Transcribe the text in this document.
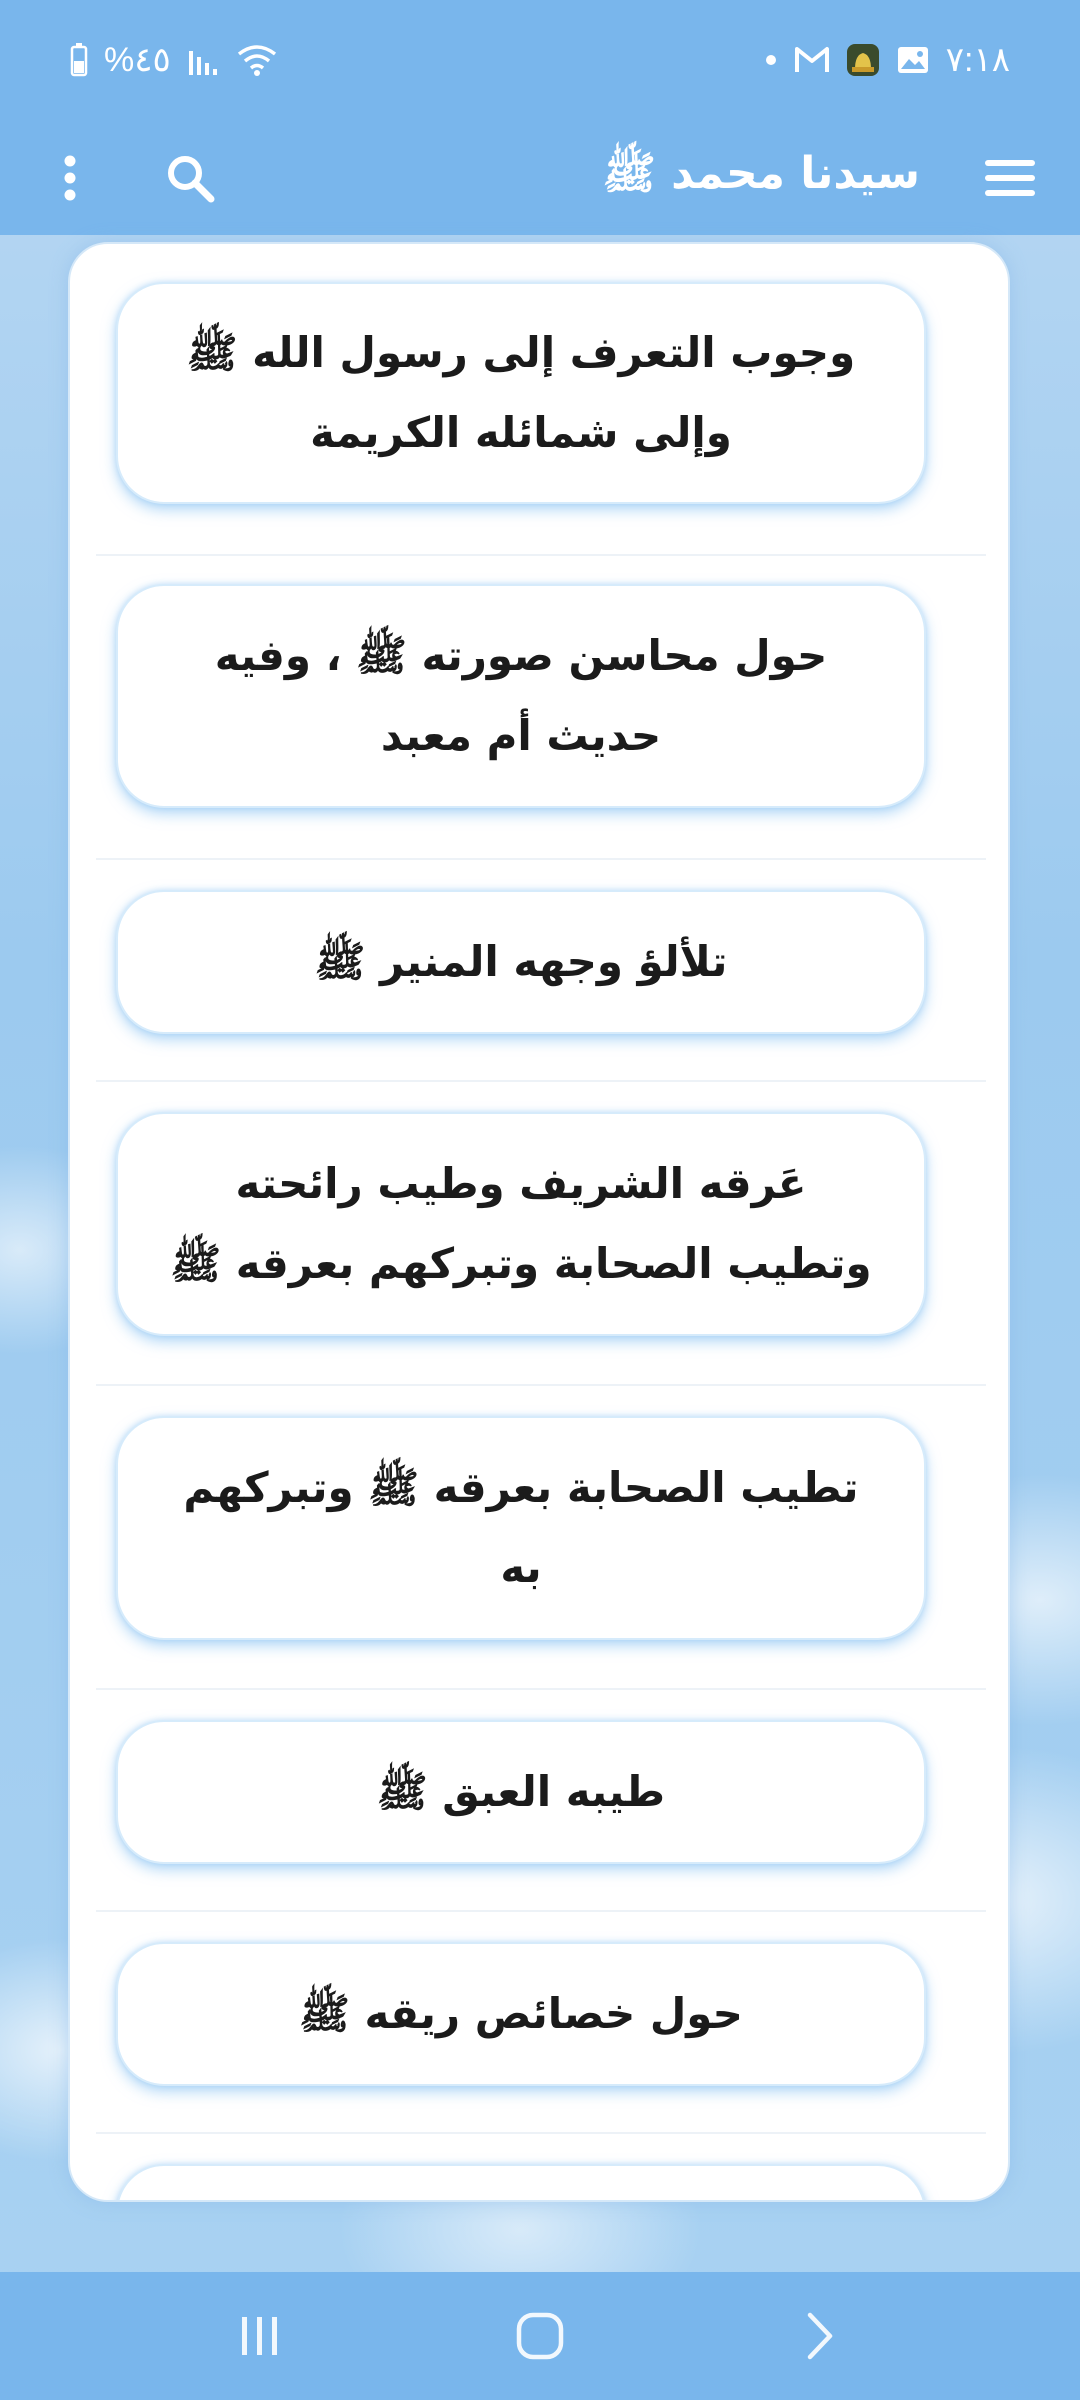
%٤٥	٧:١٨
سيدنا محمد ﷺ
وجوب التعرف إلى رسول الله ﷺ وإلى شمائله الكريمة
حول محاسن صورته ﷺ ، وفيه حديث أم معبد
تلألؤ وجهه المنير ﷺ
عَرقه الشريف وطيب رائحته وتطيب الصحابة وتبركهم بعرقه ﷺ
تطيب الصحابة بعرقه ﷺ وتبركهم به
طيبه العبق ﷺ
حول خصائص ريقه ﷺ
